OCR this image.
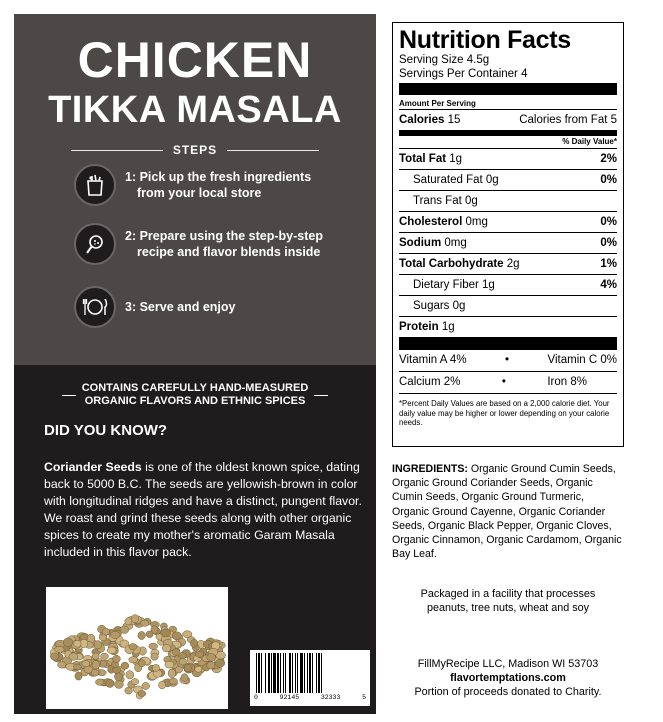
CHICKEN
TIKKA MASALA
STEPS
1: Pick up the fresh ingredients
from your local store
2: Prepare using the step-by-step
recipe and flavor blends inside
3: Serve and enjoy
CONTAINS CAREFULLY HAND-MEASURED
ORGANIC FLAVORS AND ETHNIC SPICES
DID YOU KNOW?
Coriander Seeds is one of the oldest known spice, dating back to 5000 B.C. The seeds are yellowish-brown in color with longitudinal ridges and have a distinct, pungent flavor. We roast and grind these seeds along with other organic spices to create my mother's aromatic Garam Masala included in this flavor pack.
0	92145	32333	5
Nutrition Facts
Serving Size 4.5g
Servings Per Container 4
Amount Per Serving
Calories 15	Calories from Fat 5
% Daily Value*
Total Fat 1g	2%
Saturated Fat 0g	0%
Trans Fat 0g
Cholesterol 0mg	0%
Sodium 0mg	0%
Total Carbohydrate 2g	1%
Dietary Fiber 1g	4%
Sugars 0g
Protein 1g
Vitamin A 4%	•	Vitamin C 0%
Calcium 2%	•	Iron 8%
*Percent Daily Values are based on a 2,000 calorie diet. Your daily value may be higher or lower depending on your calorie needs.
INGREDIENTS: Organic Ground Cumin Seeds, Organic Ground Coriander Seeds, Organic Cumin Seeds, Organic Ground Turmeric, Organic Ground Cayenne, Organic Coriander Seeds, Organic Black Pepper, Organic Cloves, Organic Cinnamon, Organic Cardamom, Organic Bay Leaf.
Packaged in a facility that processes
peanuts, tree nuts, wheat and soy
FillMyRecipe LLC, Madison WI 53703
flavortemptations.com
Portion of proceeds donated to Charity.
